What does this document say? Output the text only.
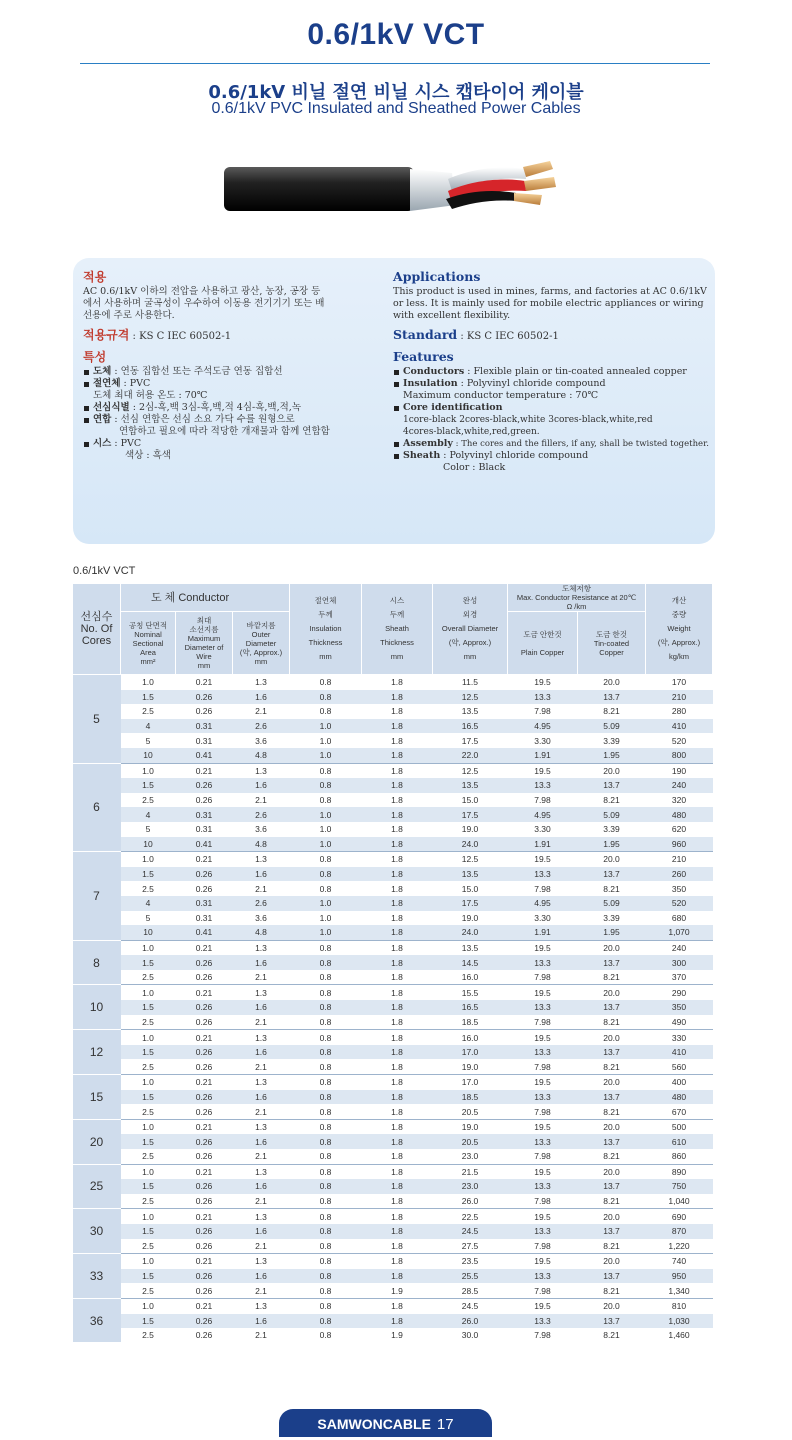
0.6/1kV VCT
0.6/1kV 비닐 절연 비닐 시스 캡타이어 케이블
0.6/1kV PVC Insulated and Sheathed Power Cables
적용
AC 0.6/1kV 이하의 전압을 사용하고 광산, 농장, 공장 등에서 사용하며 굴곡성이 우수하여 이동용 전기기기 또는 배선용에 주로 사용한다.
적용규격 : KS C IEC 60502-1
특성
도체 : 연동 집합선 또는 주석도금 연동 집합선
절연체 : PVC
도체 최대 허용 온도 : 70℃
선심식별 : 2심-흑,백 3심-흑,백,적 4심-흑,백,적,녹
연합 : 선심 연합은 선심 소요 가닥 수를 원형으로
연합하고 필요에 따라 적당한 개재물과 함께 연합함
시스 : PVC
색상 : 흑색
Applications
This product is used in mines, farms, and factories at AC 0.6/1kV or less. It is mainly used for mobile electric appliances or wiring with excellent flexibility.
Standard : KS C IEC 60502-1
Features
Conductors : Flexible plain or tin-coated annealed copper
Insulation : Polyvinyl chloride compound
Maximum conductor temperature : 70℃
Core identification
1core-black 2cores-black,white 3cores-black,white,red
4cores-black,white,red,green.
Assembly : The cores and the fillers, if any, shall be twisted together.
Sheath : Polyvinyl chloride compound
Color : Black
0.6/1kV VCT
선심수
No. Of
Cores	도 체 Conductor			절연체
두께
Insulation
Thickness
mm	시스
두께
Sheath
Thickness
mm	완성
외경
Overall Diameter
(약, Approx.)
mm	도체저항
Max. Conductor Resistance at 20℃
Ω /km		개산
중량
Weight
(약, Approx.)
kg/km
	공칭 단면적
Nominal
Sectional
Area
mm²	최대
소선지름
Maximum
Diameter of Wire
mm	바깥지름
Outer
Diameter
(약, Approx.)
mm				도금 안한것

Plain Copper	도금 한것
Tin-coated
Copper	
5	1.0	0.21	1.3	0.8	1.8	11.5	19.5	20.0	170
	1.5	0.26	1.6	0.8	1.8	12.5	13.3	13.7	210
	2.5	0.26	2.1	0.8	1.8	13.5	7.98	8.21	280
	4	0.31	2.6	1.0	1.8	16.5	4.95	5.09	410
	5	0.31	3.6	1.0	1.8	17.5	3.30	3.39	520
	10	0.41	4.8	1.0	1.8	22.0	1.91	1.95	800
6	1.0	0.21	1.3	0.8	1.8	12.5	19.5	20.0	190
	1.5	0.26	1.6	0.8	1.8	13.5	13.3	13.7	240
	2.5	0.26	2.1	0.8	1.8	15.0	7.98	8.21	320
	4	0.31	2.6	1.0	1.8	17.5	4.95	5.09	480
	5	0.31	3.6	1.0	1.8	19.0	3.30	3.39	620
	10	0.41	4.8	1.0	1.8	24.0	1.91	1.95	960
7	1.0	0.21	1.3	0.8	1.8	12.5	19.5	20.0	210
	1.5	0.26	1.6	0.8	1.8	13.5	13.3	13.7	260
	2.5	0.26	2.1	0.8	1.8	15.0	7.98	8.21	350
	4	0.31	2.6	1.0	1.8	17.5	4.95	5.09	520
	5	0.31	3.6	1.0	1.8	19.0	3.30	3.39	680
	10	0.41	4.8	1.0	1.8	24.0	1.91	1.95	1,070
8	1.0	0.21	1.3	0.8	1.8	13.5	19.5	20.0	240
	1.5	0.26	1.6	0.8	1.8	14.5	13.3	13.7	300
	2.5	0.26	2.1	0.8	1.8	16.0	7.98	8.21	370
10	1.0	0.21	1.3	0.8	1.8	15.5	19.5	20.0	290
	1.5	0.26	1.6	0.8	1.8	16.5	13.3	13.7	350
	2.5	0.26	2.1	0.8	1.8	18.5	7.98	8.21	490
12	1.0	0.21	1.3	0.8	1.8	16.0	19.5	20.0	330
	1.5	0.26	1.6	0.8	1.8	17.0	13.3	13.7	410
	2.5	0.26	2.1	0.8	1.8	19.0	7.98	8.21	560
15	1.0	0.21	1.3	0.8	1.8	17.0	19.5	20.0	400
	1.5	0.26	1.6	0.8	1.8	18.5	13.3	13.7	480
	2.5	0.26	2.1	0.8	1.8	20.5	7.98	8.21	670
20	1.0	0.21	1.3	0.8	1.8	19.0	19.5	20.0	500
	1.5	0.26	1.6	0.8	1.8	20.5	13.3	13.7	610
	2.5	0.26	2.1	0.8	1.8	23.0	7.98	8.21	860
25	1.0	0.21	1.3	0.8	1.8	21.5	19.5	20.0	890
	1.5	0.26	1.6	0.8	1.8	23.0	13.3	13.7	750
	2.5	0.26	2.1	0.8	1.8	26.0	7.98	8.21	1,040
30	1.0	0.21	1.3	0.8	1.8	22.5	19.5	20.0	690
	1.5	0.26	1.6	0.8	1.8	24.5	13.3	13.7	870
	2.5	0.26	2.1	0.8	1.8	27.5	7.98	8.21	1,220
33	1.0	0.21	1.3	0.8	1.8	23.5	19.5	20.0	740
	1.5	0.26	1.6	0.8	1.8	25.5	13.3	13.7	950
	2.5	0.26	2.1	0.8	1.9	28.5	7.98	8.21	1,340
36	1.0	0.21	1.3	0.8	1.8	24.5	19.5	20.0	810
	1.5	0.26	1.6	0.8	1.8	26.0	13.3	13.7	1,030
	2.5	0.26	2.1	0.8	1.9	30.0	7.98	8.21	1,460
SAMWONCABLE 17
